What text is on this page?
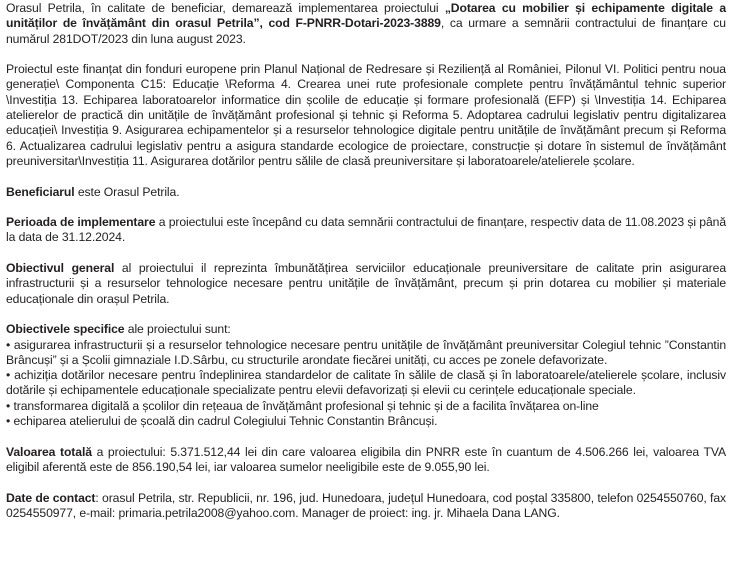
Orasul Petrila, în calitate de beneficiar, demarează implementarea proiectului „Dotarea cu mobilier și echipamente digitale a unităților de învățământ din orasul Petrila”, cod F-PNRR-Dotari-2023-3889, ca urmare a semnării contractului de finanțare cu numărul 281DOT/2023 din luna august 2023.

Proiectul este finanțat din fonduri europene prin Planul Național de Redresare și Reziliență al României, Pilonul VI. Politici pentru noua generație\ Componenta C15: Educație \Reforma 4. Crearea unei rute profesionale complete pentru învățământul tehnic superior \Investiția 13. Echiparea laboratoarelor informatice din școlile de educație și formare profesională (EFP) și \Investiția 14. Echiparea atelierelor de practică din unitățile de învățământ profesional și tehnic și Reforma 5. Adoptarea cadrului legislativ pentru digitalizarea educației\ Investiția 9. Asigurarea echipamentelor și a resurselor tehnologice digitale pentru unitățile de învățământ precum și Reforma 6. Actualizarea cadrului legislativ pentru a asigura standarde ecologice de proiectare, construcție și dotare în sistemul de învățământ preuniversitar\Investiția 11. Asigurarea dotărilor pentru sălile de clasă preuniversitare și laboratoarele/atelierele școlare.

Beneficiarul este Orasul Petrila.

Perioada de implementare a proiectului este începând cu data semnării contractului de finanțare, respectiv data de 11.08.2023 și până la data de 31.12.2024.

Obiectivul general al proiectului il reprezinta îmbunătățirea serviciilor educaționale preuniversitare de calitate prin asigurarea infrastructurii și a resurselor tehnologice necesare pentru unitățile de învățământ, precum și prin dotarea cu mobilier și materiale educaționale din orașul Petrila.

Obiectivele specifice ale proiectului sunt:

• asigurarea infrastructurii și a resurselor tehnologice necesare pentru unitățile de învățământ preuniversitar Colegiul tehnic ”Constantin Brâncuși” și a Școlii gimnaziale I.D.Sârbu, cu structurile arondate fiecărei unități, cu acces pe zonele defavorizate.
• achiziția dotărilor necesare pentru îndeplinirea standardelor de calitate în sălile de clasă și în laboratoarele/atelierele școlare, inclusiv dotările și echipamentele educaționale specializate pentru elevii defavorizați și elevii cu cerințele educaționale speciale.
• transformarea digitală a școlilor din rețeaua de învățământ profesional și tehnic și de a facilita învățarea on-line
• echiparea atelierului de școală din cadrul Colegiului Tehnic Constantin Brâncuși.

Valoarea totală a proiectului: 5.371.512,44 lei din care valoarea eligibila din PNRR este în cuantum de 4.506.266 lei, valoarea TVA eligibil aferentă este de 856.190,54 lei, iar valoarea sumelor neeligibile este de 9.055,90 lei.

Date de contact: orasul Petrila, str. Republicii, nr. 196, jud. Hunedoara, județul Hunedoara, cod poștal 335800, telefon 0254550760, fax 0254550977, e-mail: primaria.petrila2008@yahoo.com. Manager de proiect: ing. jr. Mihaela Dana LANG.
